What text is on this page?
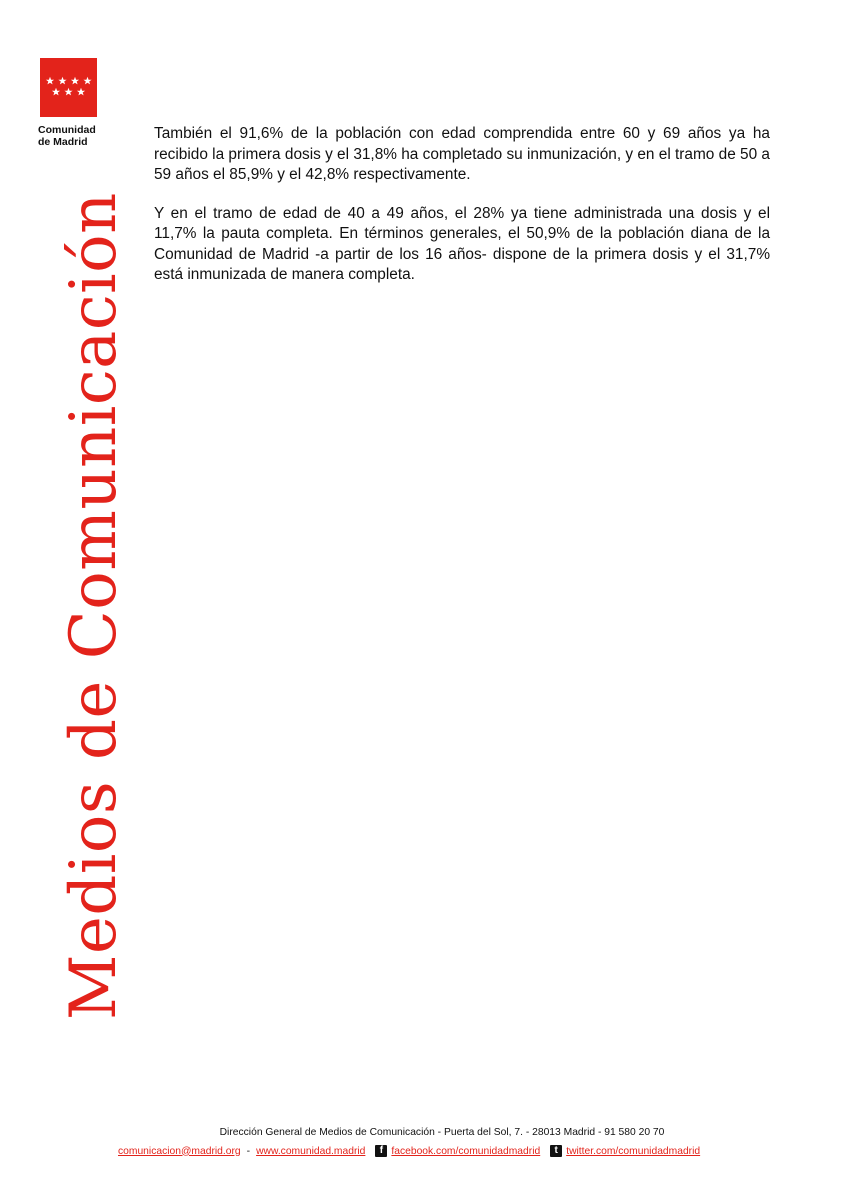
Comunidad
de Madrid
Medios de Comunicación

También el 91,6% de la población con edad comprendida entre 60 y 69 años ya ha recibido la primera dosis y el 31,8% ha completado su inmunización, y en el tramo de 50 a 59 años el 85,9% y el 42,8% respectivamente.

Y en el tramo de edad de 40 a 49 años, el 28% ya tiene administrada una dosis y el 11,7% la pauta completa. En términos generales, el 50,9% de la población diana de la Comunidad de Madrid -a partir de los 16 años- dispone de la primera dosis y el 31,7% está inmunizada de manera completa.

Dirección General de Medios de Comunicación - Puerta del Sol, 7. - 28013 Madrid - 91 580 20 70
comunicacion@madrid.org - www.comunidad.madrid	f facebook.com/comunidadmadrid	t twitter.com/comunidadmadrid
